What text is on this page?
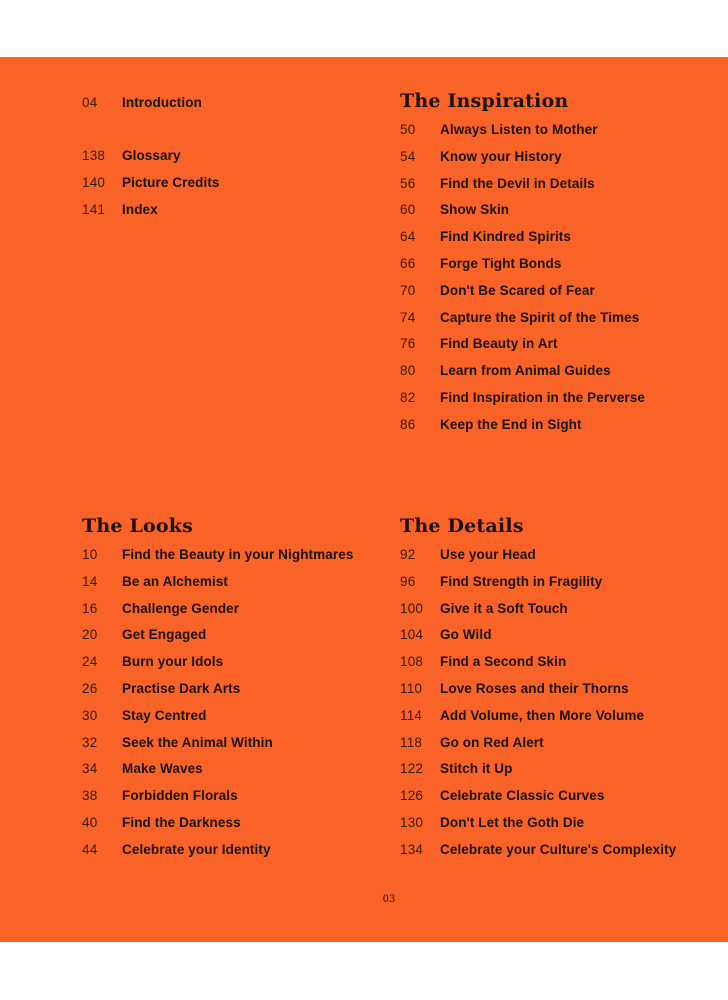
04 Introduction
138 Glossary
140 Picture Credits
141 Index
The Inspiration
50 Always Listen to Mother
54 Know your History
56 Find the Devil in Details
60 Show Skin
64 Find Kindred Spirits
66 Forge Tight Bonds
70 Don't Be Scared of Fear
74 Capture the Spirit of the Times
76 Find Beauty in Art
80 Learn from Animal Guides
82 Find Inspiration in the Perverse
86 Keep the End in Sight
The Looks
10 Find the Beauty in your Nightmares
14 Be an Alchemist
16 Challenge Gender
20 Get Engaged
24 Burn your Idols
26 Practise Dark Arts
30 Stay Centred
32 Seek the Animal Within
34 Make Waves
38 Forbidden Florals
40 Find the Darkness
44 Celebrate your Identity
The Details
92 Use your Head
96 Find Strength in Fragility
100 Give it a Soft Touch
104 Go Wild
108 Find a Second Skin
110 Love Roses and their Thorns
114 Add Volume, then More Volume
118 Go on Red Alert
122 Stitch it Up
126 Celebrate Classic Curves
130 Don't Let the Goth Die
134 Celebrate your Culture's Complexity
03
